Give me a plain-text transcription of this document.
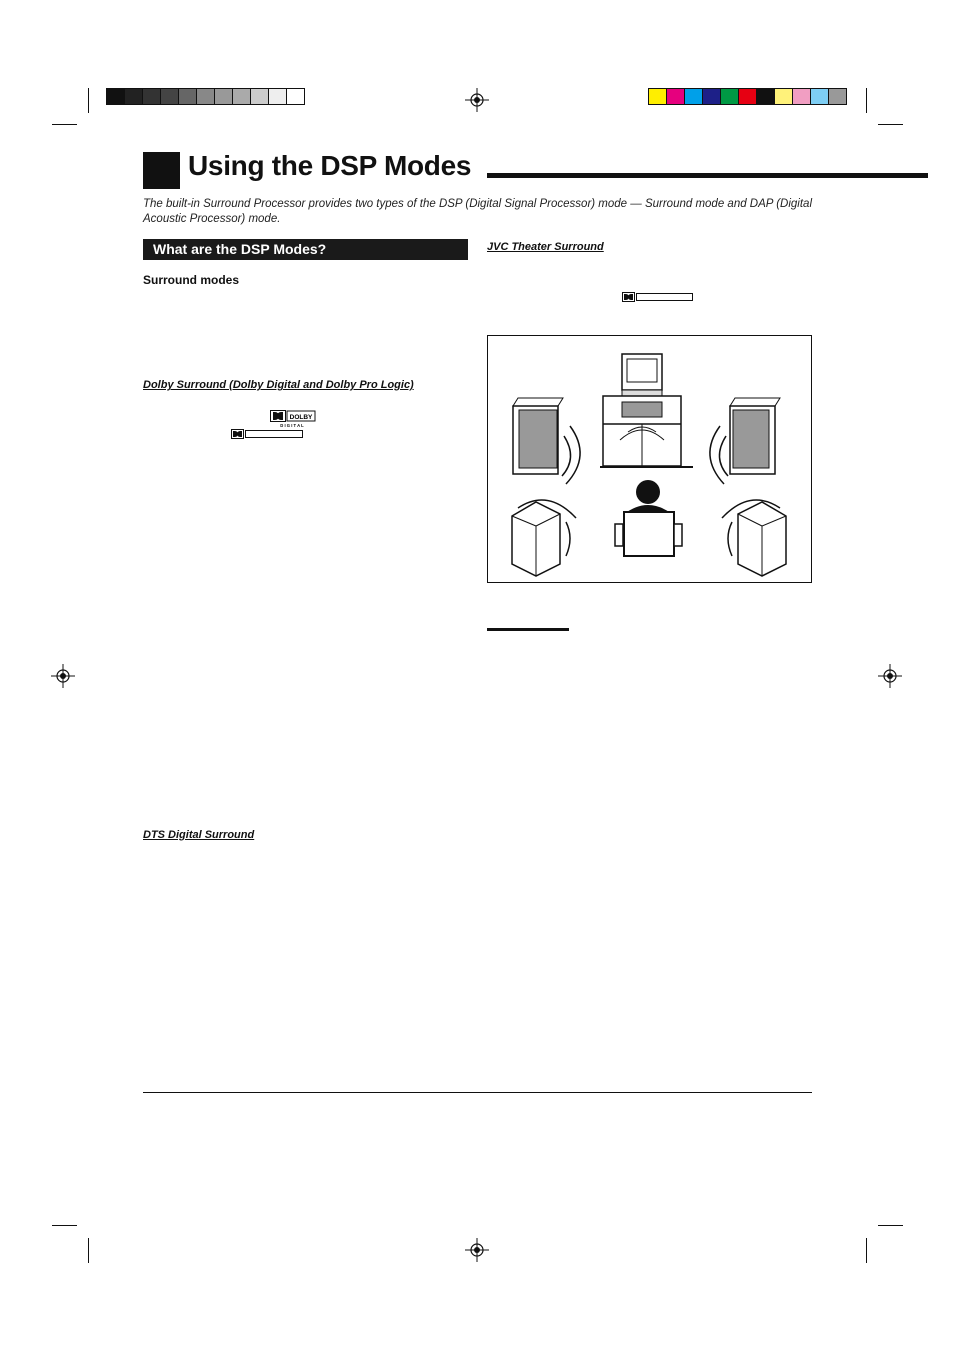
Using the DSP Modes
The built-in Surround Processor provides two types of the DSP (Digital Signal Processor) mode — Surround mode and DAP (Digital Acoustic Processor) mode.
What are the DSP Modes?
Surround modes
Dolby Surround (Dolby Digital and Dolby Pro Logic)
DOLBY
D I G I T A L
DTS Digital Surround
JVC Theater Surround
